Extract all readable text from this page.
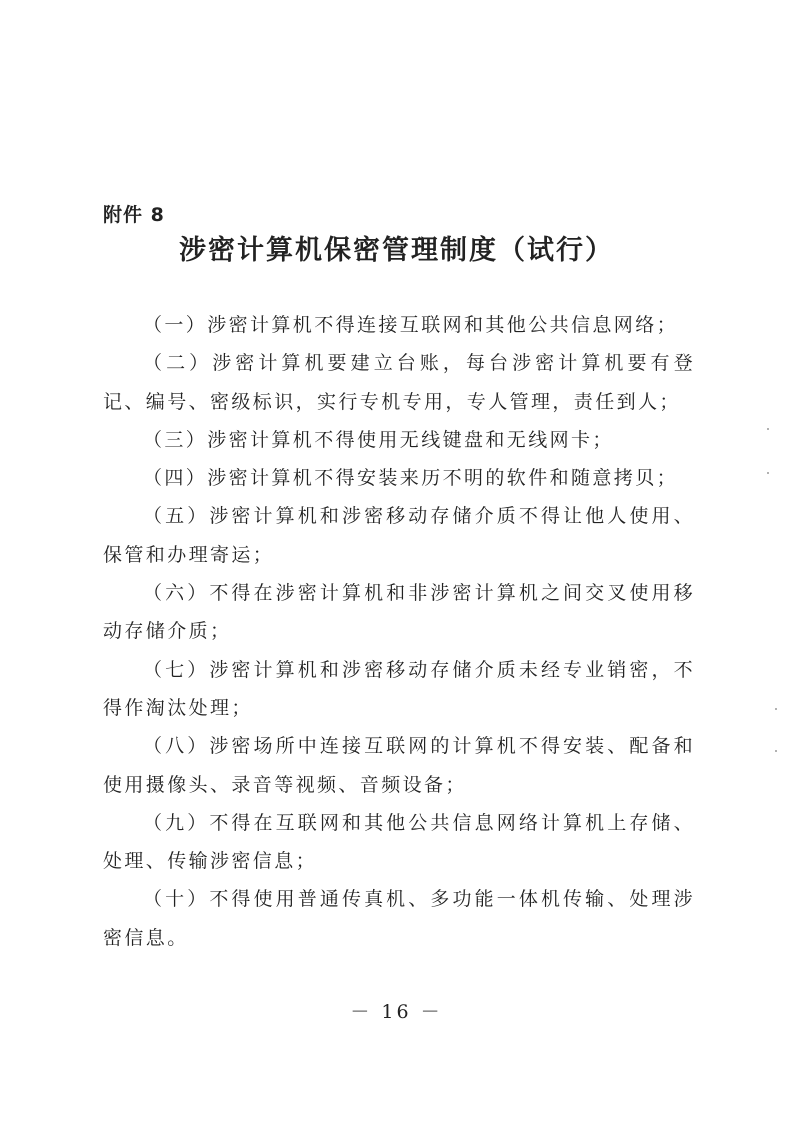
附件 8
涉密计算机保密管理制度（试行）

（一）涉密计算机不得连接互联网和其他公共信息网络；

（二）涉密计算机要建立台账，每台涉密计算机要有登记、编号、密级标识，实行专机专用，专人管理，责任到人；

（三）涉密计算机不得使用无线键盘和无线网卡；

（四）涉密计算机不得安装来历不明的软件和随意拷贝；

（五）涉密计算机和涉密移动存储介质不得让他人使用、保管和办理寄运；

（六）不得在涉密计算机和非涉密计算机之间交叉使用移动存储介质；

（七）涉密计算机和涉密移动存储介质未经专业销密，不得作淘汰处理；

（八）涉密场所中连接互联网的计算机不得安装、配备和使用摄像头、录音等视频、音频设备；

（九）不得在互联网和其他公共信息网络计算机上存储、处理、传输涉密信息；

（十）不得使用普通传真机、多功能一体机传输、处理涉密信息。

－ 16 －
